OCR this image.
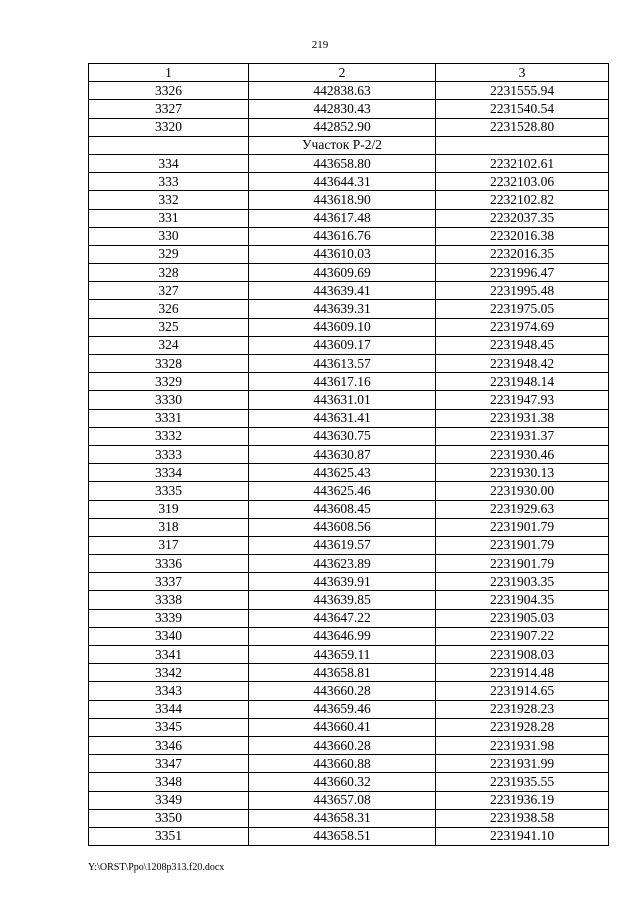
219
1	2	3
3326	442838.63	2231555.94
3327	442830.43	2231540.54
3320	442852.90	2231528.80
	Участок Р-2/2	
334	443658.80	2232102.61
333	443644.31	2232103.06
332	443618.90	2232102.82
331	443617.48	2232037.35
330	443616.76	2232016.38
329	443610.03	2232016.35
328	443609.69	2231996.47
327	443639.41	2231995.48
326	443639.31	2231975.05
325	443609.10	2231974.69
324	443609.17	2231948.45
3328	443613.57	2231948.42
3329	443617.16	2231948.14
3330	443631.01	2231947.93
3331	443631.41	2231931.38
3332	443630.75	2231931.37
3333	443630.87	2231930.46
3334	443625.43	2231930.13
3335	443625.46	2231930.00
319	443608.45	2231929.63
318	443608.56	2231901.79
317	443619.57	2231901.79
3336	443623.89	2231901.79
3337	443639.91	2231903.35
3338	443639.85	2231904.35
3339	443647.22	2231905.03
3340	443646.99	2231907.22
3341	443659.11	2231908.03
3342	443658.81	2231914.48
3343	443660.28	2231914.65
3344	443659.46	2231928.23
3345	443660.41	2231928.28
3346	443660.28	2231931.98
3347	443660.88	2231931.99
3348	443660.32	2231935.55
3349	443657.08	2231936.19
3350	443658.31	2231938.58
3351	443658.51	2231941.10
Y:\ORST\Ppo\1208p313.f20.docx
